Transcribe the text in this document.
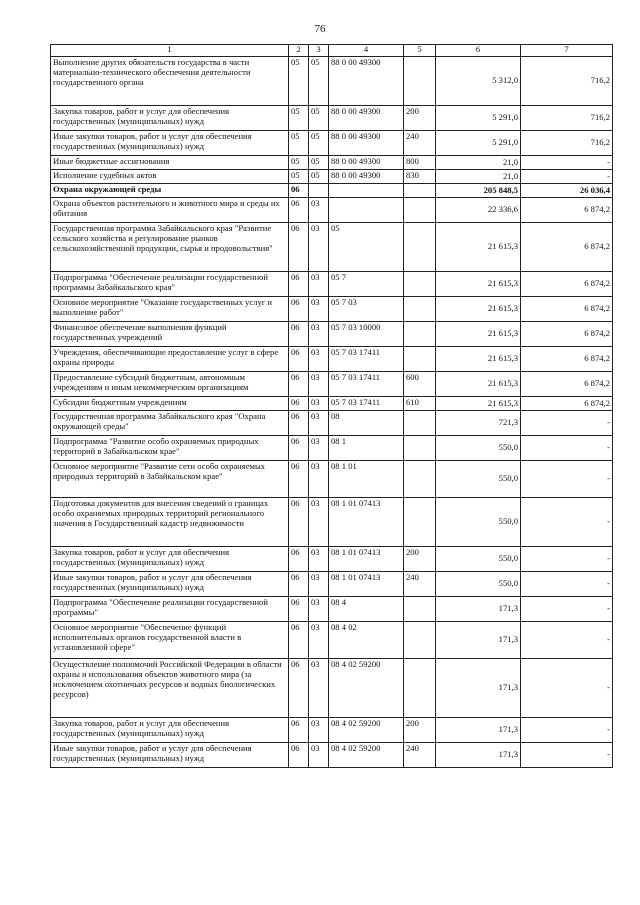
76
1	2	3	4	5	6	7
Выполнение других обязательств государства в части материально-технического обеспечения деятельности государственного органа	05	05	88 0 00 49300		5 312,0	716,2
Закупка товаров, работ и услуг для обеспечения государственных (муниципальных) нужд	05	05	88 0 00 49300	200	5 291,0	716,2
Иные закупки товаров, работ и услуг для обеспечения государственных (муниципальных) нужд	05	05	88 0 00 49300	240	5 291,0	716,2
Иные бюджетные ассигнования	05	05	88 0 00 49300	800	21,0	-
Исполнение судебных актов	05	05	88 0 00 49300	830	21,0	-
Охрана окружающей среды	06				205 848,5	26 036,4
Охрана объектов растительного и животного мира и среды их обитания	06	03			22 336,6	6 874,2
Государственная программа Забайкальского края "Развитие сельского хозяйства и регулирование рынков сельскохозяйственной продукции, сырья и продовольствия"	06	03	05		21 615,3	6 874,2
Подпрограмма "Обеспечение реализации государственной программы Забайкальского края"	06	03	05 7		21 615,3	6 874,2
Основное мероприятие "Оказание государственных услуг и выполнение работ"	06	03	05 7 03		21 615,3	6 874,2
Финансовое обеспечение выполнения функций государственных учреждений	06	03	05 7 03 10000		21 615,3	6 874,2
Учреждения, обеспечивающие предоставление услуг в сфере охраны природы	06	03	05 7 03 17411		21 615,3	6 874,2
Предоставление субсидий бюджетным, автономным учреждениям и иным некоммерческим организациям	06	03	05 7 03 17411	600	21 615,3	6 874,2
Субсидии бюджетным учреждениям	06	03	05 7 03 17411	610	21 615,3	6 874,2
Государственная программа Забайкальского края "Охрана окружающей среды"	06	03	08		721,3	-
Подпрограмма "Развитие особо охраняемых природных территорий в Забайкальском крае"	06	03	08 1		550,0	-
Основное мероприятие "Развитие сети особо охраняемых природных территорий в Забайкальском крае"	06	03	08 1 01		550,0	-
Подготовка документов для внесения сведений о границах особо охраняемых природных территорий регионального значения в Государственный кадастр недвижимости	06	03	08 1 01 07413		550,0	-
Закупка товаров, работ и услуг для обеспечения государственных (муниципальных) нужд	06	03	08 1 01 07413	200	550,0	-
Иные закупки товаров, работ и услуг для обеспечения государственных (муниципальных) нужд	06	03	08 1 01 07413	240	550,0	-
Подпрограмма "Обеспечение реализации государственной программы"	06	03	08 4		171,3	-
Основное мероприятие "Обеспечение функций исполнительных органов государственной власти в установленной сфере"	06	03	08 4 02		171,3	-
Осуществление полномочий Российской Федерации в области охраны и использования объектов животного мира (за исключением охотничьих ресурсов и водных биологических ресурсов)	06	03	08 4 02 59200		171,3	-
Закупка товаров, работ и услуг для обеспечения государственных (муниципальных) нужд	06	03	08 4 02 59200	200	171,3	-
Иные закупки товаров, работ и услуг для обеспечения государственных (муниципальных) нужд	06	03	08 4 02 59200	240	171,3	-
